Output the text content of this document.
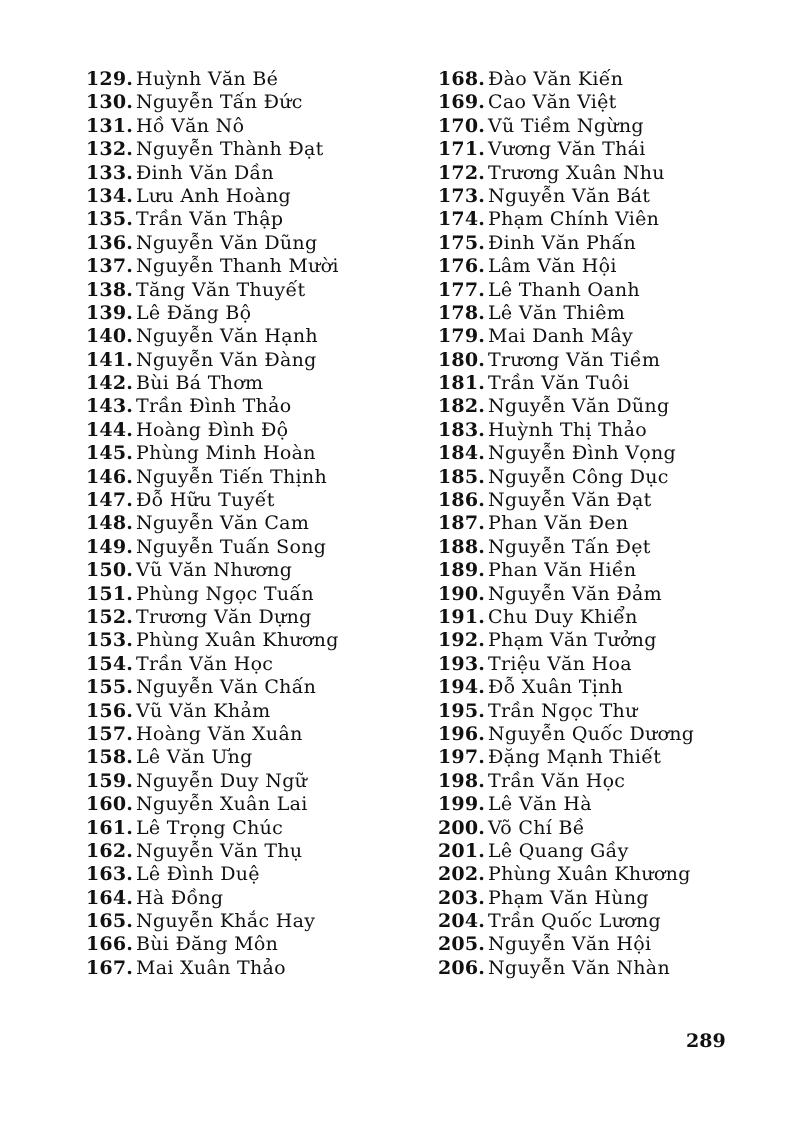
129. Huỳnh Văn Bé
130. Nguyễn Tấn Đức
131. Hồ Văn Nô
132. Nguyễn Thành Đạt
133. Đinh Văn Dần
134. Lưu Anh Hoàng
135. Trần Văn Thập
136. Nguyễn Văn Dũng
137. Nguyễn Thanh Mười
138. Tăng Văn Thuyết
139. Lê Đăng Bộ
140. Nguyễn Văn Hạnh
141. Nguyễn Văn Đàng
142. Bùi Bá Thơm
143. Trần Đình Thảo
144. Hoàng Đình Độ
145. Phùng Minh Hoàn
146. Nguyễn Tiến Thịnh
147. Đỗ Hữu Tuyết
148. Nguyễn Văn Cam
149. Nguyễn Tuấn Song
150. Vũ Văn Nhương
151. Phùng Ngọc Tuấn
152. Trương Văn Dựng
153. Phùng Xuân Khương
154. Trần Văn Học
155. Nguyễn Văn Chấn
156. Vũ Văn Khảm
157. Hoàng Văn Xuân
158. Lê Văn Ưng
159. Nguyễn Duy Ngữ
160. Nguyễn Xuân Lai
161. Lê Trọng Chúc
162. Nguyễn Văn Thụ
163. Lê Đình Duệ
164. Hà Đồng
165. Nguyễn Khắc Hay
166. Bùi Đăng Môn
167. Mai Xuân Thảo
168. Đào Văn Kiến
169. Cao Văn Việt
170. Vũ Tiềm Ngừng
171. Vương Văn Thái
172. Trương Xuân Nhu
173. Nguyễn Văn Bát
174. Phạm Chính Viên
175. Đinh Văn Phấn
176. Lâm Văn Hội
177. Lê Thanh Oanh
178. Lê Văn Thiêm
179. Mai Danh Mây
180. Trương Văn Tiềm
181. Trần Văn Tuôi
182. Nguyễn Văn Dũng
183. Huỳnh Thị Thảo
184. Nguyễn Đình Vọng
185. Nguyễn Công Dục
186. Nguyễn Văn Đạt
187. Phan Văn Đen
188. Nguyễn Tấn Đẹt
189. Phan Văn Hiền
190. Nguyễn Văn Đảm
191. Chu Duy Khiển
192. Phạm Văn Tưởng
193. Triệu Văn Hoa
194. Đỗ Xuân Tịnh
195. Trần Ngọc Thư
196. Nguyễn Quốc Dương
197. Đặng Mạnh Thiết
198. Trần Văn Học
199. Lê Văn Hà
200. Võ Chí Bề
201. Lê Quang Gầy
202. Phùng Xuân Khương
203. Phạm Văn Hùng
204. Trần Quốc Lương
205. Nguyễn Văn Hội
206. Nguyễn Văn Nhàn
289
